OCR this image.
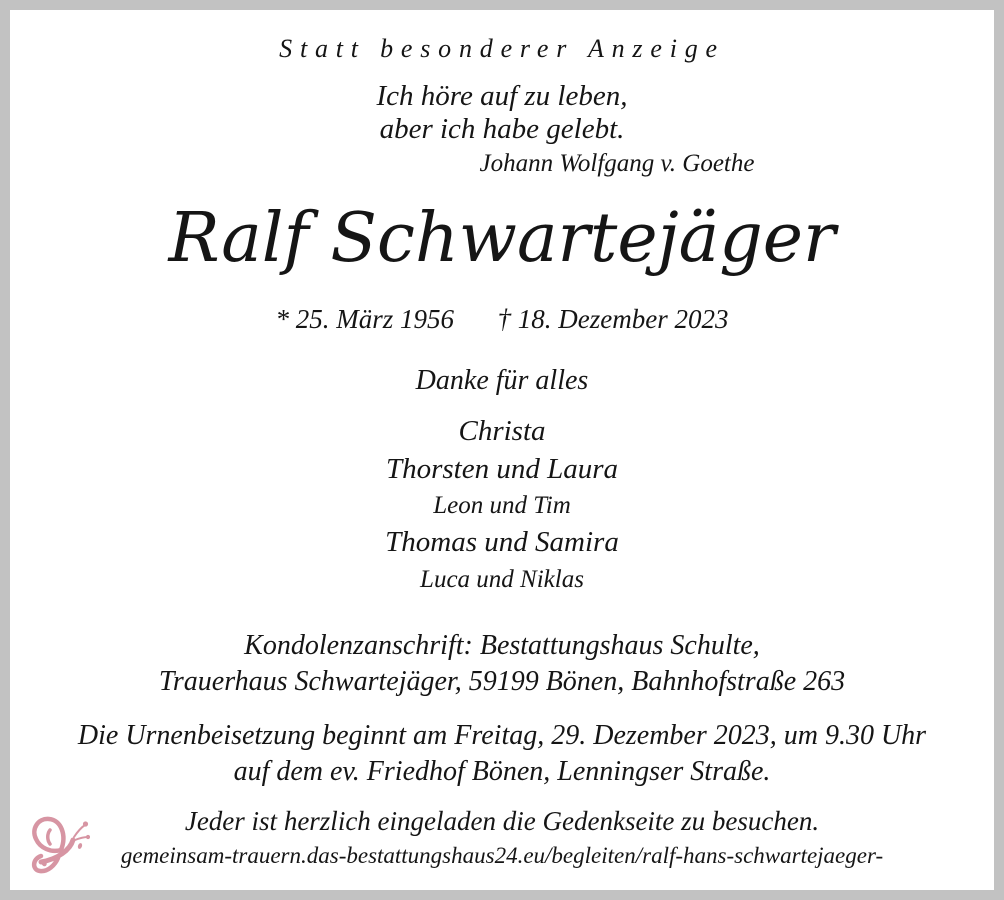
Statt besonderer Anzeige
Ich höre auf zu leben,
aber ich habe gelebt.
Johann Wolfgang v. Goethe
Ralf Schwartejäger
* 25. März 1956 † 18. Dezember 2023
Danke für alles
Christa
Thorsten und Laura
Leon und Tim
Thomas und Samira
Luca und Niklas
Kondolenzanschrift: Bestattungshaus Schulte,
Trauerhaus Schwartejäger, 59199 Bönen, Bahnhofstraße 263
Die Urnenbeisetzung beginnt am Freitag, 29. Dezember 2023, um 9.30 Uhr
auf dem ev. Friedhof Bönen, Lenningser Straße.
Jeder ist herzlich eingeladen die Gedenkseite zu besuchen.
gemeinsam-trauern.das-bestattungshaus24.eu/begleiten/ralf-hans-schwartejaeger-
